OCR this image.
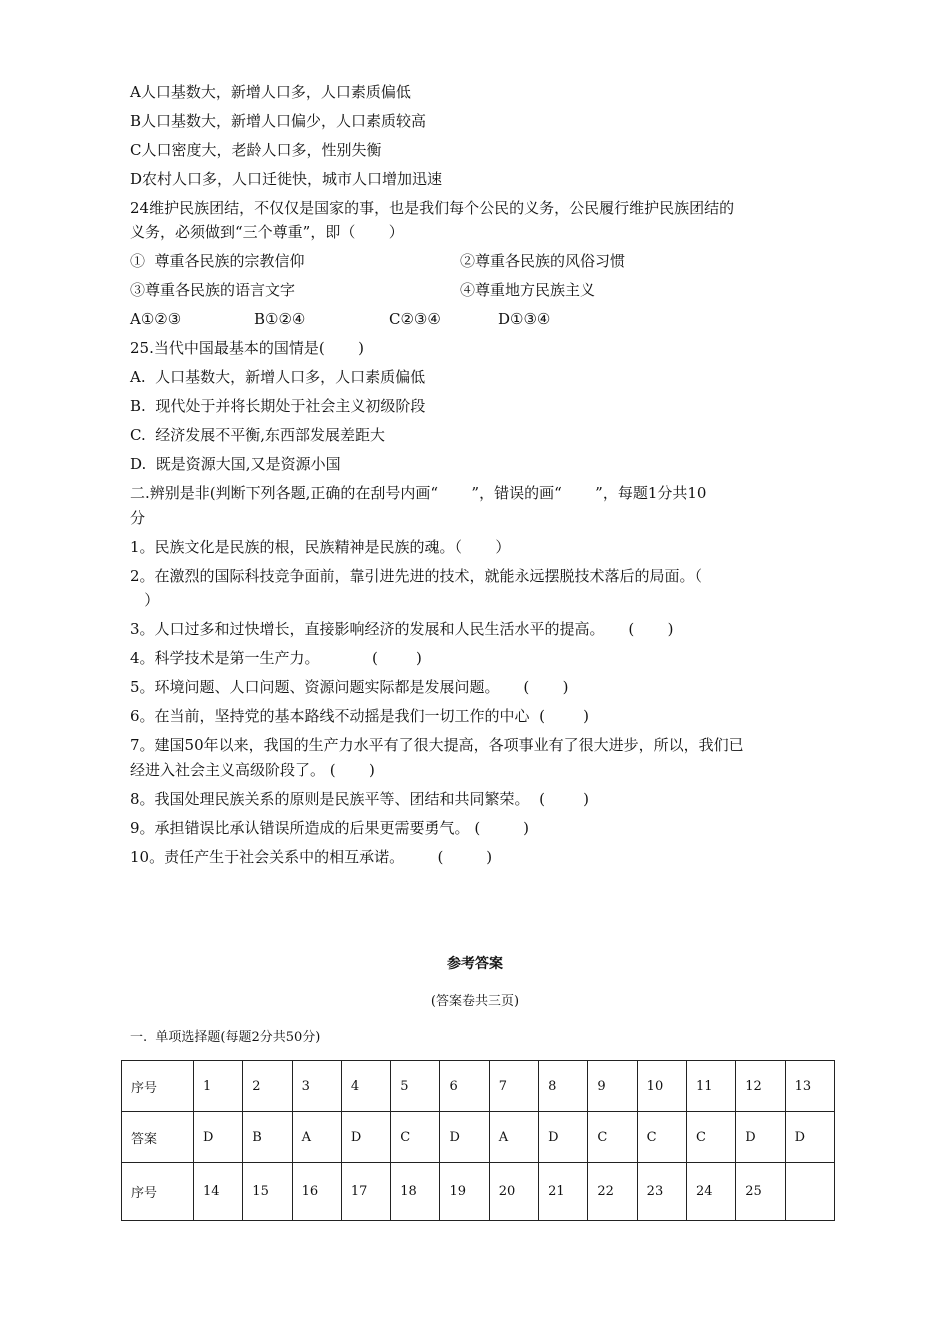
A人口基数大，新增人口多，人口素质偏低
B人口基数大，新增人口偏少，人口素质较高
C人口密度大，老龄人口多，性别失衡
D农村人口多，人口迁徙快，城市人口增加迅速
24维护民族团结，不仅仅是国家的事，也是我们每个公民的义务，公民履行维护民族团结的
义务，必须做到“三个尊重”，即（       ）
①  尊重各民族的宗教信仰	②尊重各民族的风俗习惯
③尊重各民族的语言文字	④尊重地方民族主义
A①②③	B①②④	C②③④	D①③④
25.当代中国最基本的国情是(       )
A.  人口基数大，新增人口多，人口素质偏低
B.  现代处于并将长期处于社会主义初级阶段
C.  经济发展不平衡,东西部发展差距大
D.  既是资源大国,又是资源小国
二.辨别是非(判断下列各题,正确的在刮号内画“       ”，错误的画“       ”，每题1分共10
分
1。民族文化是民族的根，民族精神是民族的魂。（       ）
2。在激烈的国际科技竞争面前，靠引进先进的技术，就能永远摆脱技术落后的局面。（
）
3。人口过多和过快增长，直接影响经济的发展和人民生活水平的提高。     (       )
4。科学技术是第一生产力。           (        )
5。环境问题、人口问题、资源问题实际都是发展问题。     (       )
6。在当前，坚持党的基本路线不动摇是我们一切工作的中心  (        )
7。建国50年以来，我国的生产力水平有了很大提高，各项事业有了很大进步，所以，我们已
经进入社会主义高级阶段了。 (       )
8。我国处理民族关系的原则是民族平等、团结和共同繁荣。  (        )
9。承担错误比承认错误所造成的后果更需要勇气。 (         )
10。责任产生于社会关系中的相互承诺。       (         )
参考答案
(答案卷共三页)
一.  单项选择题(每题2分共50分)
序号	1	2	3	4	5	6	7	8	9	10	11	12	13
答案	D	B	A	D	C	D	A	D	C	C	C	D	D
序号	14	15	16	17	18	19	20	21	22	23	24	25	
